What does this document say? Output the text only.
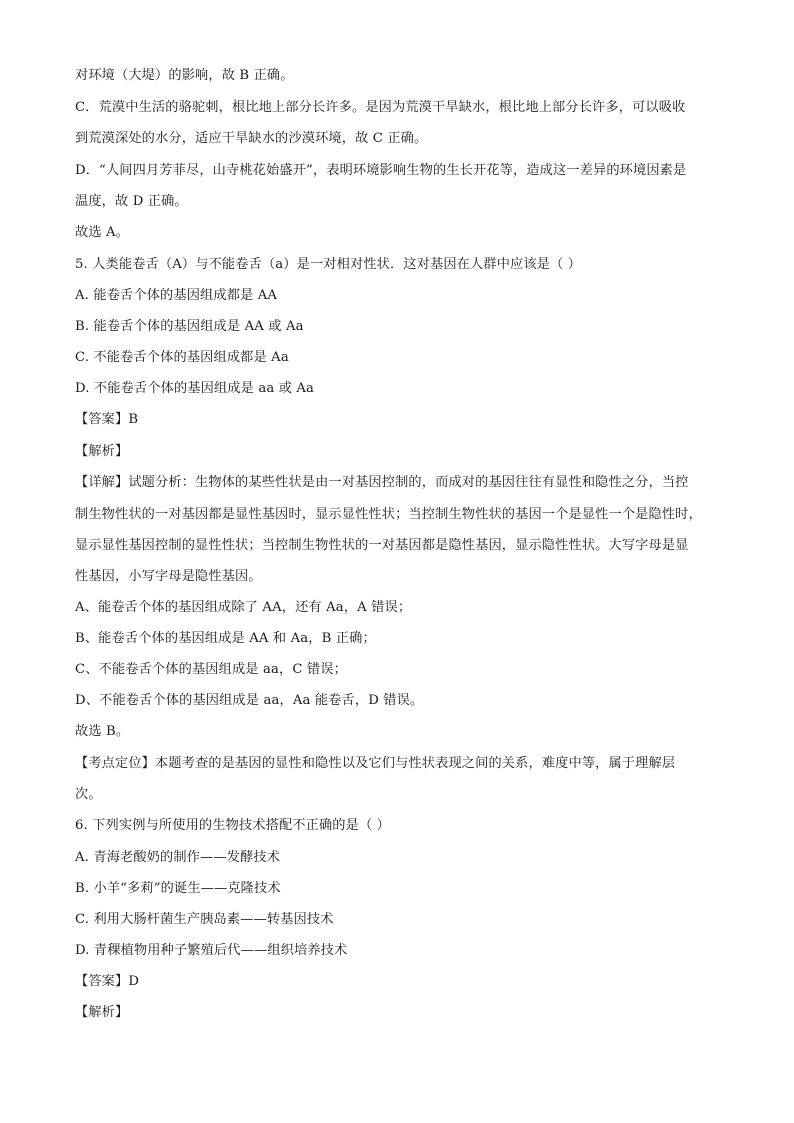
对环境（大堤）的影响，故 B 正确。
C．荒漠中生活的骆驼刺，根比地上部分长许多。是因为荒漠干旱缺水，根比地上部分长许多，可以吸收
到荒漠深处的水分，适应干旱缺水的沙漠环境，故 C 正确。
D．“人间四月芳菲尽，山寺桃花始盛开”，表明环境影响生物的生长开花等，造成这一差异的环境因素是
温度，故 D 正确。
故选 A。
5. 人类能卷舌（A）与不能卷舌（a）是一对相对性状．这对基因在人群中应该是（ ）
A. 能卷舌个体的基因组成都是 AA
B. 能卷舌个体的基因组成是 AA 或 Aa
C. 不能卷舌个体的基因组成都是 Aa
D. 不能卷舌个体的基因组成是 aa 或 Aa
【答案】B
【解析】
【详解】试题分析：生物体的某些性状是由一对基因控制的，而成对的基因往往有显性和隐性之分，当控
制生物性状的一对基因都是显性基因时，显示显性性状；当控制生物性状的基因一个是显性一个是隐性时，
显示显性基因控制的显性性状；当控制生物性状的一对基因都是隐性基因，显示隐性性状。大写字母是显
性基因，小写字母是隐性基因。
A、能卷舌个体的基因组成除了 AA，还有 Aa，A 错误；
B、能卷舌个体的基因组成是 AA 和 Aa，B 正确；
C、不能卷舌个体的基因组成是 aa，C 错误；
D、不能卷舌个体的基因组成是 aa，Aa 能卷舌，D 错误。
故选 B。
【考点定位】本题考查的是基因的显性和隐性以及它们与性状表现之间的关系，难度中等，属于理解层
次。
6. 下列实例与所使用的生物技术搭配不正确的是（ ）
A. 青海老酸奶的制作——发酵技术
B. 小羊“多莉”的诞生——克隆技术
C. 利用大肠杆菌生产胰岛素——转基因技术
D. 青稞植物用种子繁殖后代——组织培养技术
【答案】D
【解析】
